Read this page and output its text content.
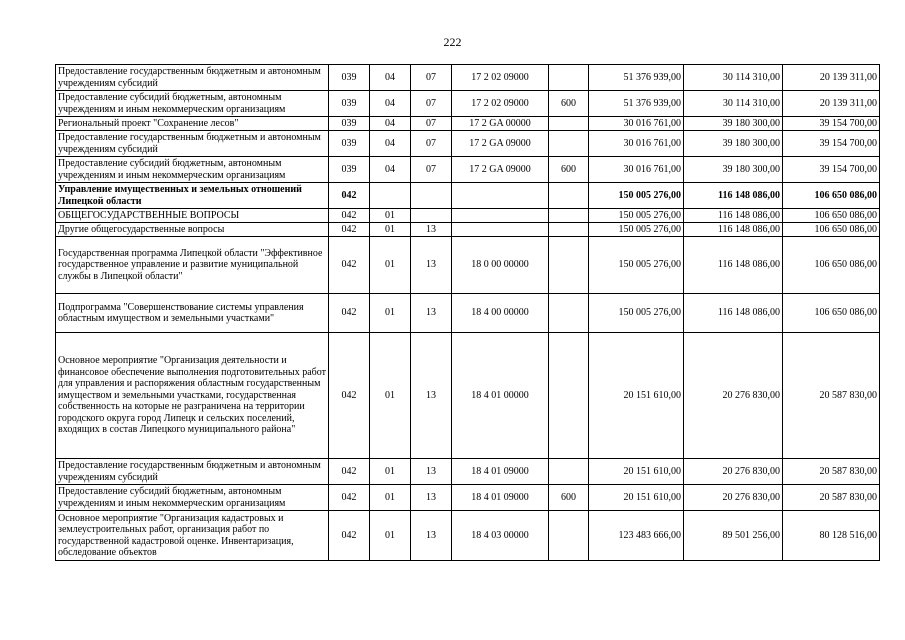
222
Предоставление государственным бюджетным и автономным учреждениям субсидий	039	04	07	17 2 02 09000		51 376 939,00	30 114 310,00	20 139 311,00
Предоставление субсидий бюджетным, автономным учреждениям и иным некоммерческим организациям	039	04	07	17 2 02 09000	600	51 376 939,00	30 114 310,00	20 139 311,00
Региональный проект "Сохранение лесов"	039	04	07	17 2 GA 00000		30 016 761,00	39 180 300,00	39 154 700,00
Предоставление государственным бюджетным и автономным учреждениям субсидий	039	04	07	17 2 GA 09000		30 016 761,00	39 180 300,00	39 154 700,00
Предоставление субсидий бюджетным, автономным учреждениям и иным некоммерческим организациям	039	04	07	17 2 GA 09000	600	30 016 761,00	39 180 300,00	39 154 700,00
Управление имущественных и земельных отношений Липецкой области	042					150 005 276,00	116 148 086,00	106 650 086,00
ОБЩЕГОСУДАРСТВЕННЫЕ ВОПРОСЫ	042	01				150 005 276,00	116 148 086,00	106 650 086,00
Другие общегосударственные вопросы	042	01	13			150 005 276,00	116 148 086,00	106 650 086,00
Государственная программа Липецкой области "Эффективное государственное управление и развитие муниципальной службы в Липецкой области"	042	01	13	18 0 00 00000		150 005 276,00	116 148 086,00	106 650 086,00
Подпрограмма "Совершенствование системы управления областным имуществом и земельными участками"	042	01	13	18 4 00 00000		150 005 276,00	116 148 086,00	106 650 086,00
Основное мероприятие "Организация деятельности и финансовое обеспечение выполнения подготовительных работ для управления и распоряжения областным государственным имуществом и земельными участками, государственная собственность на которые не разграничена на территории городского округа город Липецк и сельских поселений, входящих в состав Липецкого муниципального района"	042	01	13	18 4 01 00000		20 151 610,00	20 276 830,00	20 587 830,00
Предоставление государственным бюджетным и автономным учреждениям субсидий	042	01	13	18 4 01 09000		20 151 610,00	20 276 830,00	20 587 830,00
Предоставление субсидий бюджетным, автономным учреждениям и иным некоммерческим организациям	042	01	13	18 4 01 09000	600	20 151 610,00	20 276 830,00	20 587 830,00
Основное мероприятие "Организация кадастровых и землеустроительных работ, организация работ по государственной кадастровой оценке. Инвентаризация, обследование объектов	042	01	13	18 4 03 00000		123 483 666,00	89 501 256,00	80 128 516,00
